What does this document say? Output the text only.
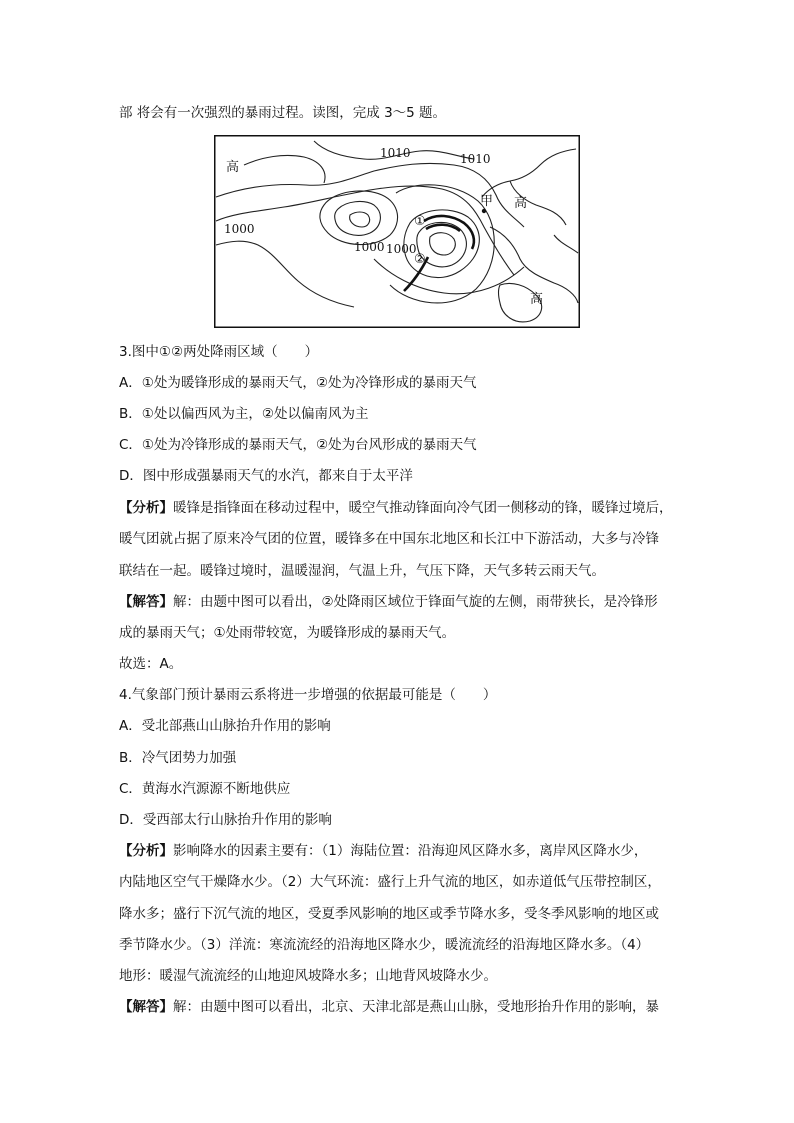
部 将会有一次强烈的暴雨过程。读图，完成 3～5 题。
1010	1010
高
甲 高
1000
1000 1000
①
②
高
3.图中①②两处降雨区域（　　）
A．①处为暖锋形成的暴雨天气，②处为冷锋形成的暴雨天气
B．①处以偏西风为主，②处以偏南风为主
C．①处为冷锋形成的暴雨天气，②处为台风形成的暴雨天气
D．图中形成强暴雨天气的水汽，都来自于太平洋
【分析】暖锋是指锋面在移动过程中，暖空气推动锋面向冷气团一侧移动的锋，暖锋过境后，
暖气团就占据了原来冷气团的位置，暖锋多在中国东北地区和长江中下游活动，大多与冷锋
联结在一起。暖锋过境时，温暖湿润，气温上升，气压下降，天气多转云雨天气。
【解答】解：由题中图可以看出，②处降雨区域位于锋面气旋的左侧，雨带狭长，是冷锋形
成的暴雨天气；①处雨带较宽，为暖锋形成的暴雨天气。
故选：A。
4.气象部门预计暴雨云系将进一步增强的依据最可能是（　　）
A．受北部燕山山脉抬升作用的影响
B．冷气团势力加强
C．黄海水汽源源不断地供应
D．受西部太行山脉抬升作用的影响
【分析】影响降水的因素主要有：（1）海陆位置：沿海迎风区降水多，离岸风区降水少，
内陆地区空气干燥降水少。（2）大气环流：盛行上升气流的地区，如赤道低气压带控制区，
降水多；盛行下沉气流的地区，受夏季风影响的地区或季节降水多，受冬季风影响的地区或
季节降水少。（3）洋流：寒流流经的沿海地区降水少，暖流流经的沿海地区降水多。（4）
地形：暖湿气流流经的山地迎风坡降水多；山地背风坡降水少。
【解答】解：由题中图可以看出，北京、天津北部是燕山山脉，受地形抬升作用的影响，暴
